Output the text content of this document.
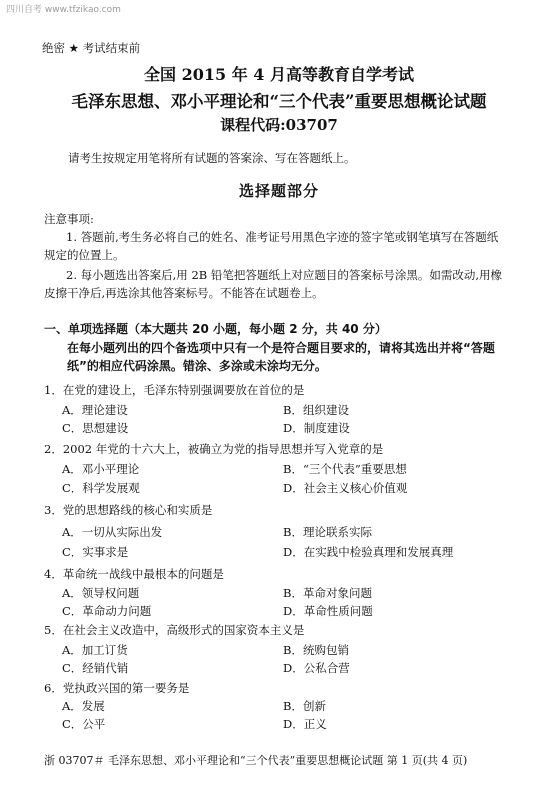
四川自考 www.tfzikao.com
绝密 ★ 考试结束前
全国 2015 年 4 月高等教育自学考试
毛泽东思想、邓小平理论和“三个代表”重要思想概论试题
课程代码:03707
请考生按规定用笔将所有试题的答案涂、写在答题纸上。
选择题部分
注意事项:
1. 答题前,考生务必将自己的姓名、准考证号用黑色字迹的签字笔或钢笔填写在答题纸
规定的位置上。
2. 每小题选出答案后,用 2B 铅笔把答题纸上对应题目的答案标号涂黑。如需改动,用橡
皮擦干净后,再选涂其他答案标号。不能答在试题卷上。
一、单项选择题（本大题共 20 小题，每小题 2 分，共 40 分）
在每小题列出的四个备选项中只有一个是符合题目要求的，请将其选出并将“答题
纸”的相应代码涂黑。错涂、多涂或未涂均无分。
1．在党的建设上，毛泽东特别强调要放在首位的是
A．理论建设	B．组织建设
C．思想建设	D．制度建设
2．2002 年党的十六大上，被确立为党的指导思想并写入党章的是
A．邓小平理论	B．“三个代表”重要思想
C．科学发展观	D．社会主义核心价值观
3．党的思想路线的核心和实质是
A．一切从实际出发	B．理论联系实际
C．实事求是	D．在实践中检验真理和发展真理
4．革命统一战线中最根本的问题是
A．领导权问题	B．革命对象问题
C．革命动力问题	D．革命性质问题
5．在社会主义改造中，高级形式的国家资本主义是
A．加工订货	B．统购包销
C．经销代销	D．公私合营
6．党执政兴国的第一要务是
A．发展	B．创新
C．公平	D．正义
浙 03707＃ 毛泽东思想、邓小平理论和“三个代表”重要思想概论试题 第 1 页(共 4 页)
